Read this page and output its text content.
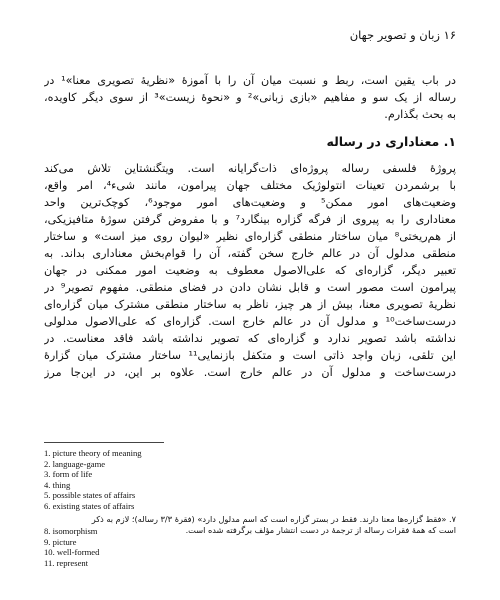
۱۶ زبان و تصویر جهان
در باب یقین است، ربط و نسبت میان آن را با آموزهٔ «نظریهٔ تصویری معنا»¹ در
رساله از یک سو و مفاهیم «بازی زبانی»² و «نحوهٔ زیست»³ از سوی دیگر کاویده،
به بحث بگذارم.
۱. معناداری در رساله
پروژهٔ فلسفی رساله پروژه‌ای ذات‌گرایانه است. ویتگنشتاین تلاش می‌کند
با برشمردن تعینات انتولوژیک مختلف جهان پیرامون، مانند شیء⁴، امر واقع،
وضعیت‌های امور ممکن⁵ و وضعیت‌های امور موجود⁶، کوچک‌ترین واحد
معناداری را به پیروی از فرگه گزاره بینگارد⁷ و با مفروض گرفتن سوژهٔ متافیزیکی،
از هم‌ریختی⁸ میان ساختار منطقی گزاره‌ای نظیر «لیوان روی میز است» و ساختار
منطقی مدلول آن در عالم خارج سخن گفته، آن را قوام‌بخش معناداری بداند. به
تعبیر دیگر، گزاره‌ای که علی‌الاصول معطوف به وضعیت امور ممکنی در جهان
پیرامون است مصور است و قابل نشان دادن در فضای منطقی. مفهوم تصویر⁹ در
نظریهٔ تصویری معنا، بیش از هر چیز، ناظر به ساختار منطقی مشترک میان گزاره‌ای
درست‌ساخت¹⁰ و مدلول آن در عالم خارج است. گزاره‌ای که علی‌الاصول مدلولی
نداشته باشد تصویر ندارد و گزاره‌ای که تصویر نداشته باشد فاقد معناست. در
این تلقی، زبان واجد ذاتی است و متکفل بازنمایی¹¹ ساختار مشترک میان گزارهٔ
درست‌ساخت و مدلول آن در عالم خارج است. علاوه بر این، در این‌جا مرز
1. picture theory of meaning
2. language-game
3. form of life
4. thing
5. possible states of affairs
6. existing states of affairs
۷. «فقط گزاره‌ها معنا دارند. فقط در بستر گزاره است که اسم مدلول دارد» (فقرهٔ ۳/۳ رساله)؛ لازم به ذکر
است که همهٔ فقرات رساله از ترجمهٔ در دست انتشار مؤلف برگرفته شده است.
8. isomorphism
9. picture
10. well-formed
11. represent
